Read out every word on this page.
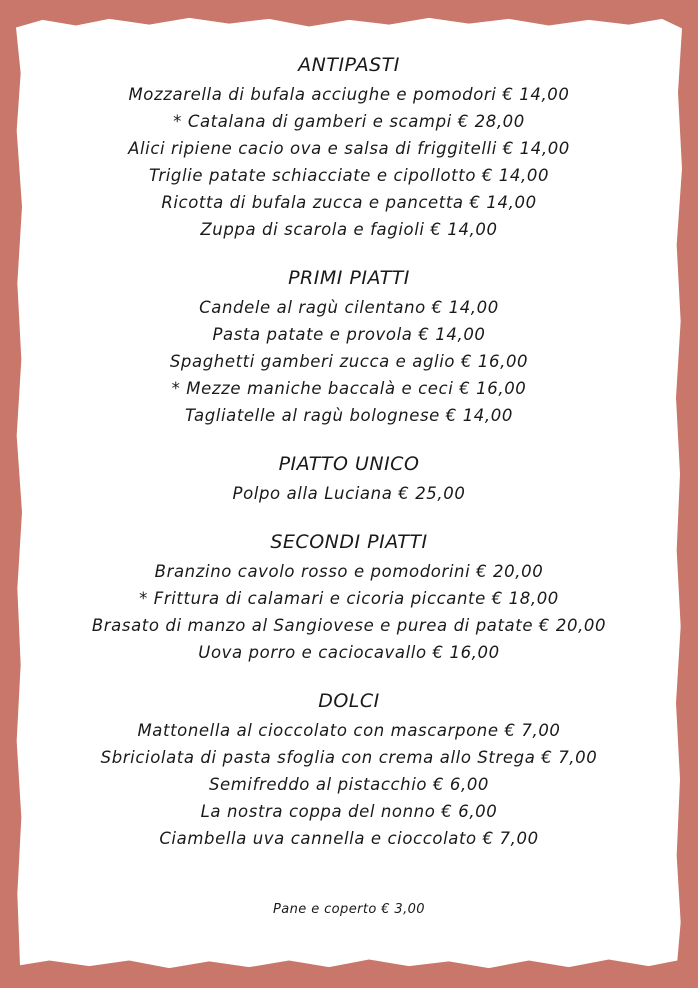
ANTIPASTI

Mozzarella di bufala acciughe e pomodori € 14,00

* Catalana di gamberi e scampi € 28,00

Alici ripiene cacio ova e salsa di friggitelli € 14,00

Triglie patate schiacciate e cipollotto € 14,00

Ricotta di bufala zucca e pancetta € 14,00

Zuppa di scarola e fagioli € 14,00

PRIMI PIATTI

Candele al ragù cilentano € 14,00

Pasta patate e provola € 14,00

Spaghetti gamberi zucca e aglio € 16,00

* Mezze maniche baccalà e ceci € 16,00

Tagliatelle al ragù bolognese € 14,00

PIATTO UNICO

Polpo alla Luciana € 25,00

SECONDI PIATTI

Branzino cavolo rosso e pomodorini € 20,00

* Frittura di calamari e cicoria piccante € 18,00

Brasato di manzo al Sangiovese e purea di patate € 20,00

Uova porro e caciocavallo € 16,00

DOLCI

Mattonella al cioccolato con mascarpone € 7,00

Sbriciolata di pasta sfoglia con crema allo Strega € 7,00

Semifreddo al pistacchio € 6,00

La nostra coppa del nonno € 6,00

Ciambella uva cannella e cioccolato € 7,00

Pane e coperto € 3,00
